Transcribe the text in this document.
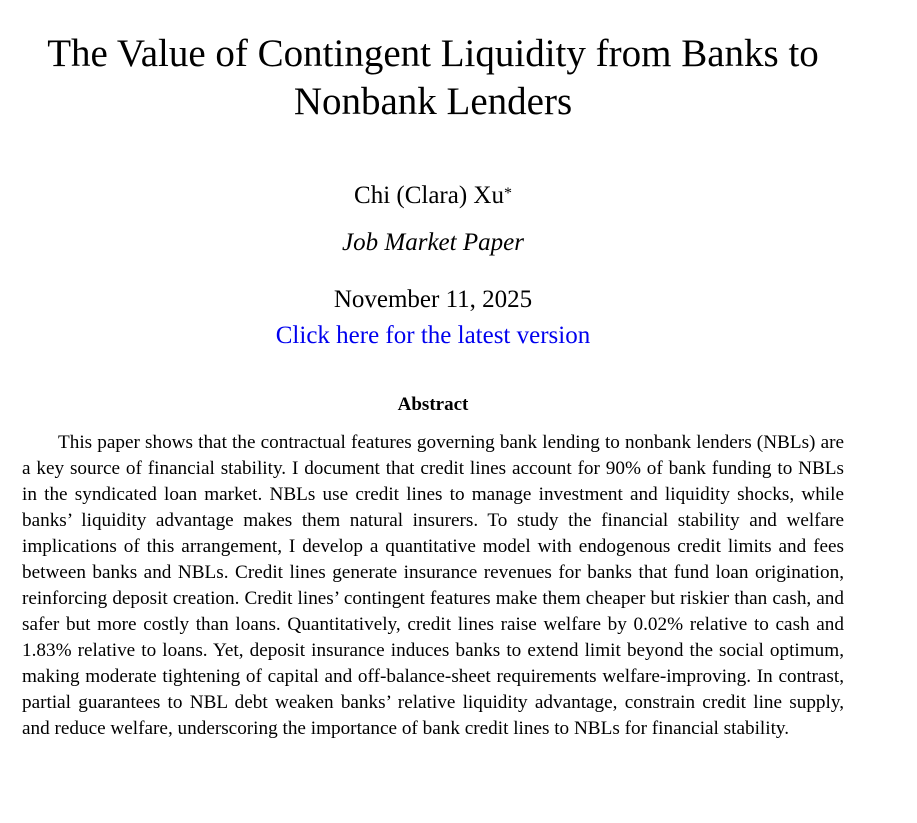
The Value of Contingent Liquidity from Banks to Nonbank Lenders
Chi (Clara) Xu*
Job Market Paper
November 11, 2025
Click here for the latest version
Abstract

This paper shows that the contractual features governing bank lending to nonbank lenders (NBLs) are a key source of financial stability. I document that credit lines account for 90% of bank funding to NBLs in the syndicated loan market. NBLs use credit lines to manage investment and liquidity shocks, while banks’ liquidity advantage makes them natural insurers. To study the financial stability and welfare implications of this arrangement, I develop a quantitative model with endogenous credit limits and fees between banks and NBLs. Credit lines generate insurance revenues for banks that fund loan origination, reinforcing deposit creation. Credit lines’ contingent features make them cheaper but riskier than cash, and safer but more costly than loans. Quantitatively, credit lines raise welfare by 0.02% relative to cash and 1.83% relative to loans. Yet, deposit insurance induces banks to extend limit beyond the social optimum, making moderate tightening of capital and off-balance-sheet requirements welfare-improving. In contrast, partial guarantees to NBL debt weaken banks’ relative liquidity advantage, constrain credit line supply, and reduce welfare, underscoring the importance of bank credit lines to NBLs for financial stability.
